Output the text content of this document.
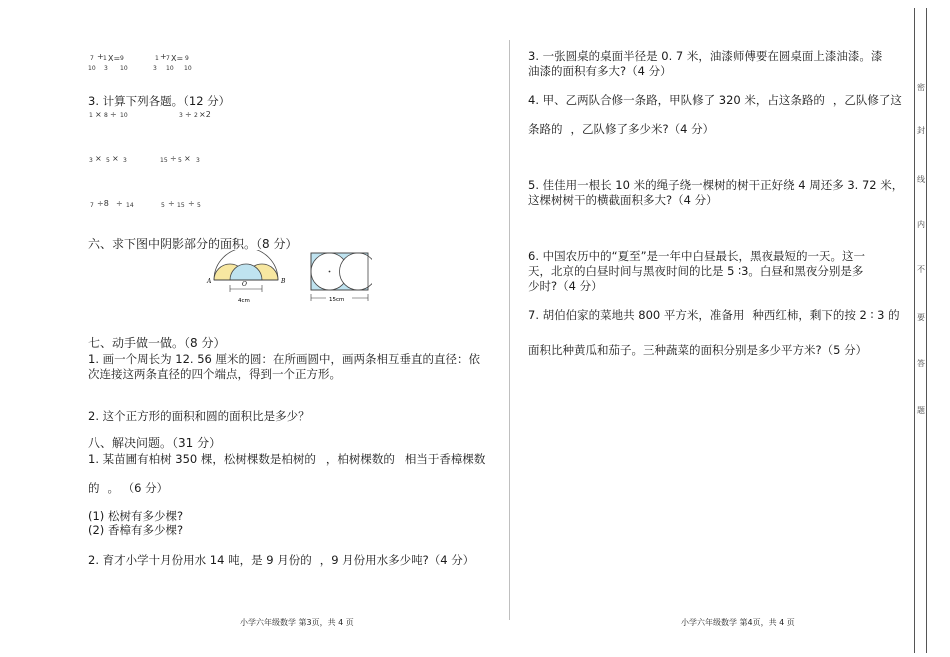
7 + 1 X= 9
10 3 10
1 + 7 X= 9
3 10 10
3. 计算下列各题。（12 分）
1 × 8 ÷ 10	3 ÷ 2 ×2
3 × 5 × 3	15 ÷ 5 × 3
7 ÷8 ÷ 14	5 ÷ 15 ÷ 5
六、求下图中阴影部分的面积。（8 分）
A	O	B
4cm	15cm
七、动手做一做。（8 分）
1. 画一个周长为 12. 56 厘米的圆：在所画圆中，画两条相互垂直的直径：依
次连接这两条直径的四个端点，得到一个正方形。
2. 这个正方形的面积和圆的面积比是多少？
八、解决问题。（31 分）
1. 某苗圃有柏树 350 棵，松树棵数是柏树的 ，柏树棵数的 相当于香樟棵数
的 。 （6 分）
(1) 松树有多少棵?
(2) 香樟有多少棵?
2. 育才小学十月份用水 14 吨，是 9 月份的 ，9 月份用水多少吨?（4 分）
小学六年级数学 第3页，共 4 页
3. 一张圆桌的桌面半径是 0. 7 米，油漆师傅要在圆桌面上漆油漆。漆
油漆的面积有多大?（4 分）
4. 甲、乙两队合修一条路，甲队修了 320 米，占这条路的 ，乙队修了这
条路的 ，乙队修了多少米?（4 分）
5. 佳佳用一根长 10 米的绳子绕一棵树的树干正好绕 4 周还多 3. 72 米，
这棵树树干的横截面积多大?（4 分）
6. 中国农历中的“夏至”是一年中白昼最长，黑夜最短的一天。这一
天，北京的白昼时间与黑夜时间的比是 5 ∶3。白昼和黑夜分别是多
少时?（4 分）
7. 胡伯伯家的菜地共 800 平方米，准备用 种西红柿，剩下的按 2 ∶ 3 的
面积比种黄瓜和茄子。三种蔬菜的面积分别是多少平方米?（5 分）
小学六年级数学 第4页，共 4 页
密
封
线
内
不
要
答
题
